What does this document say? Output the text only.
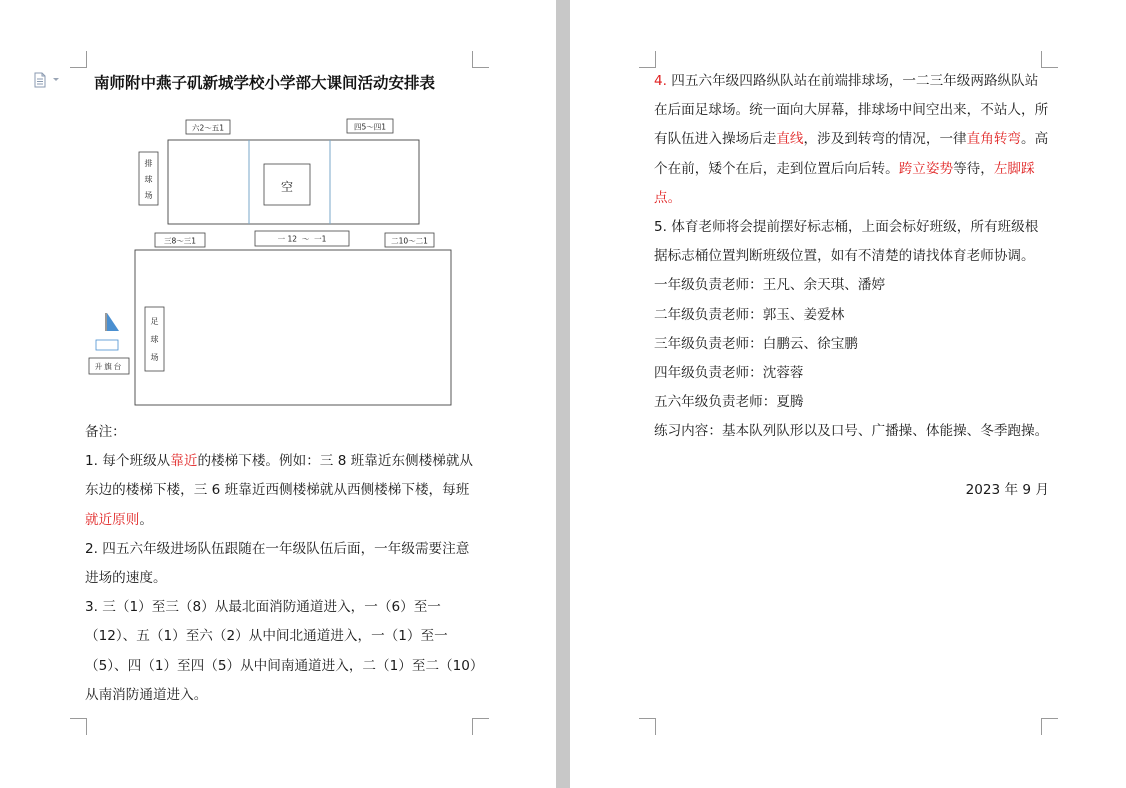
南师附中燕子矶新城学校小学部大课间活动安排表
六2～五1	四5～四1
空
排
球
场
三8～三1	一 12  ～  一1	二10～二1
足
球
场
升旗台

备注：

1. 每个班级从靠近的楼梯下楼。例如：三 8 班靠近东侧楼梯就从东边的楼梯下楼，三 6 班靠近西侧楼梯就从西侧楼梯下楼，每班就近原则。

2. 四五六年级进场队伍跟随在一年级队伍后面，一年级需要注意进场的速度。

3. 三（1）至三（8）从最北面消防通道进入，一（6）至一（12）、五（1）至六（2）从中间北通道进入，一（1）至一（5）、四（1）至四（5）从中间南通道进入，二（1）至二（10）从南消防通道进入。

4. 四五六年级四路纵队站在前端排球场，一二三年级两路纵队站在后面足球场。统一面向大屏幕，排球场中间空出来，不站人，所有队伍进入操场后走直线，涉及到转弯的情况，一律直角转弯。高个在前，矮个在后，走到位置后向后转。跨立姿势等待，左脚踩点。

5. 体育老师将会提前摆好标志桶，上面会标好班级，所有班级根据标志桶位置判断班级位置，如有不清楚的请找体育老师协调。

一年级负责老师：王凡、余天琪、潘婷

二年级负责老师：郭玉、姜爱林

三年级负责老师：白鹏云、徐宝鹏

四年级负责老师：沈蓉蓉

五六年级负责老师：夏腾

练习内容：基本队列队形以及口号、广播操、体能操、冬季跑操。

2023 年 9 月
